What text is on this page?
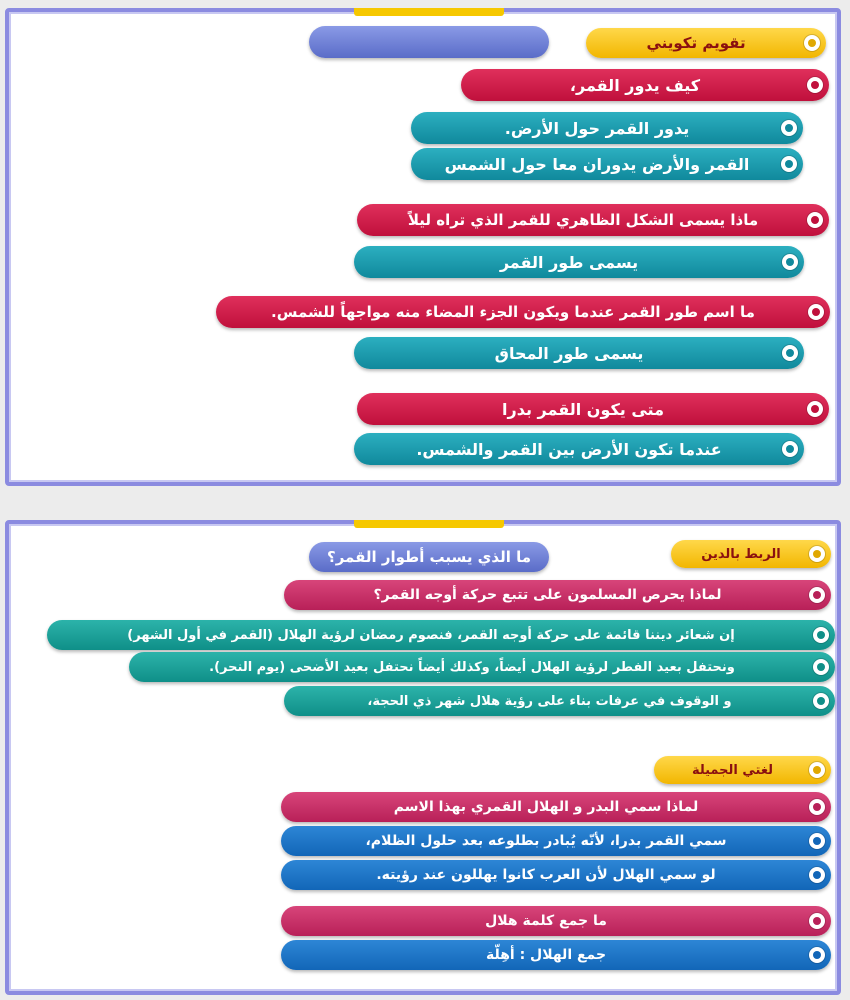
تقويم تكويني
كيف يدور القمر،
يدور القمر حول الأرض.
القمر والأرض يدوران معا حول الشمس
ماذا يسمى الشكل الظاهري للقمر الذي تراه ليلاً
يسمى طور القمر
ما اسم طور القمر عندما ويكون الجزء المضاء منه مواجهاً للشمس.
يسمى طور المحاق
متى يكون القمر بدرا
عندما تكون الأرض بين القمر والشمس.
ما الذي يسبب أطوار القمر؟	الربط بالدين
لماذا يحرص المسلمون على تتبع حركة أوجه القمر؟
إن شعائر ديننا قائمة على حركة أوجه القمر، فنصوم رمضان لرؤية الهلال (القمر في أول الشهر)
ونحتفل بعيد الفطر لرؤية الهلال أيضاً، وكذلك أيضاً نحتفل بعيد الأضحى (يوم النحر).
و الوقوف في عرفات بناء على رؤية هلال شهر ذي الحجة،
لغتي الجميلة
لماذا سمي البدر و الهلال القمري بهذا الاسم
سمي القمر بدرا، لأنّه يُبادر بطلوعه بعد حلول الظلام،
لو سمي الهلال لأن العرب كانوا يهللون عند رؤيته.
ما جمع كلمة هلال
جمع الهلال : أهِلّة
